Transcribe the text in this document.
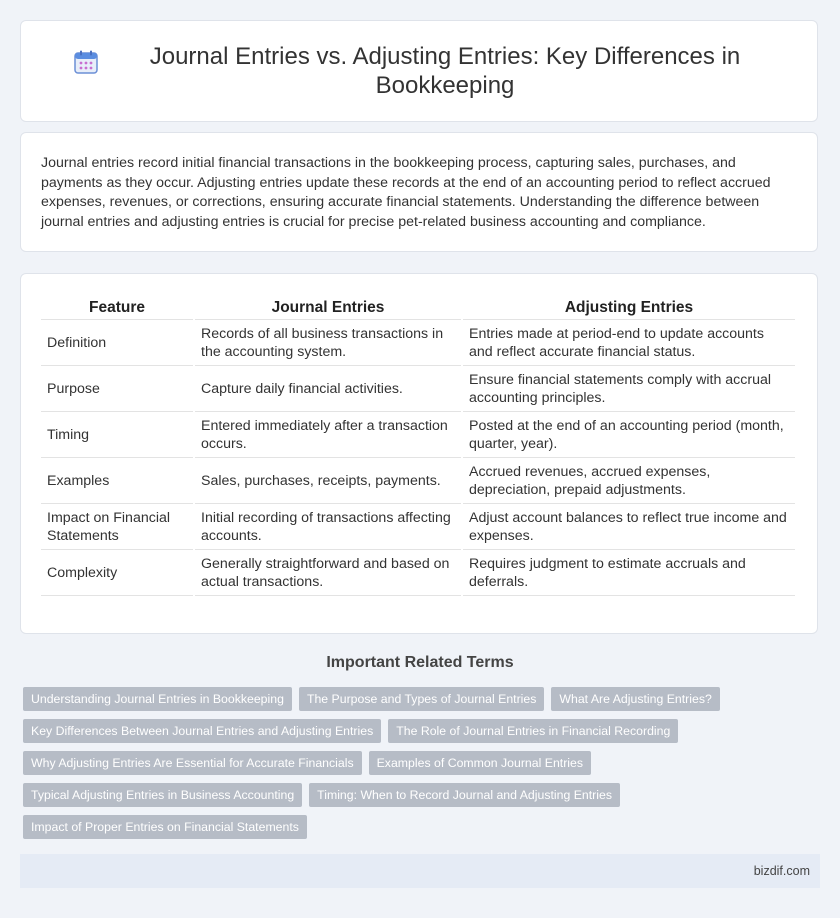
Journal Entries vs. Adjusting Entries: Key Differences in Bookkeeping

Journal entries record initial financial transactions in the bookkeeping process, capturing sales, purchases, and payments as they occur. Adjusting entries update these records at the end of an accounting period to reflect accrued expenses, revenues, or corrections, ensuring accurate financial statements. Understanding the difference between journal entries and adjusting entries is crucial for precise pet-related business accounting and compliance.

Feature	Journal Entries	Adjusting Entries
Definition	Records of all business transactions in the accounting system.	Entries made at period-end to update accounts and reflect accurate financial status.
Purpose	Capture daily financial activities.	Ensure financial statements comply with accrual accounting principles.
Timing	Entered immediately after a transaction occurs.	Posted at the end of an accounting period (month, quarter, year).
Examples	Sales, purchases, receipts, payments.	Accrued revenues, accrued expenses, depreciation, prepaid adjustments.
Impact on Financial Statements	Initial recording of transactions affecting accounts.	Adjust account balances to reflect true income and expenses.
Complexity	Generally straightforward and based on actual transactions.	Requires judgment to estimate accruals and deferrals.
Important Related Terms
Understanding Journal Entries in Bookkeeping	The Purpose and Types of Journal Entries	What Are Adjusting Entries?
Key Differences Between Journal Entries and Adjusting Entries	The Role of Journal Entries in Financial Recording
Why Adjusting Entries Are Essential for Accurate Financials	Examples of Common Journal Entries
Typical Adjusting Entries in Business Accounting	Timing: When to Record Journal and Adjusting Entries
Impact of Proper Entries on Financial Statements
bizdif.com
